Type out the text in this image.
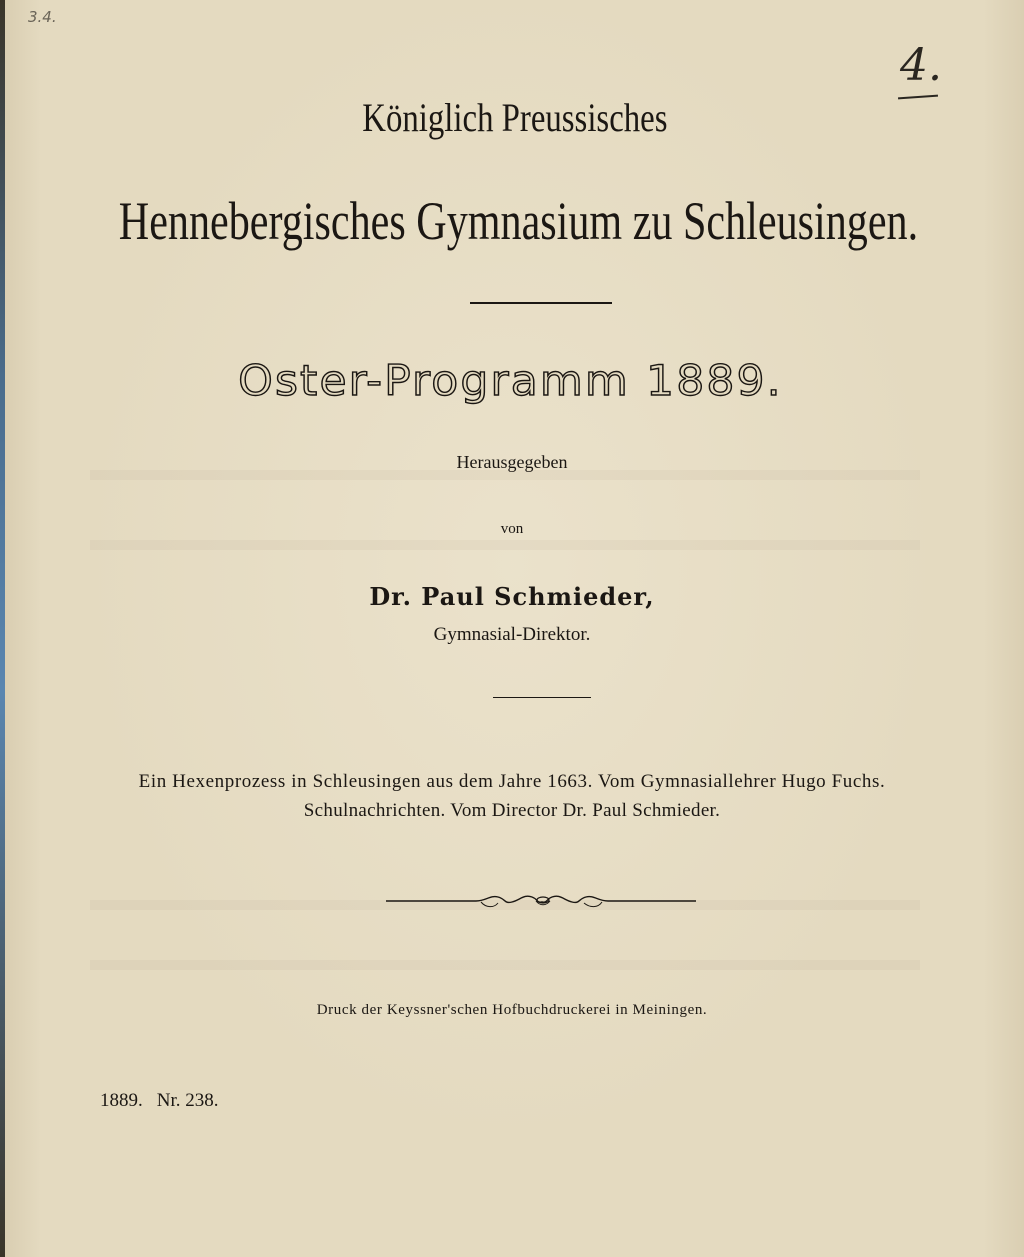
3.4.
4.
Königlich Preussisches
Hennebergisches Gymnasium zu Schleusingen.
Oster-Programm 1889.
Herausgegeben
von
Dr. Paul Schmieder,
Gymnasial-Direktor.
Ein Hexenprozess in Schleusingen aus dem Jahre 1663. Vom Gymnasiallehrer Hugo Fuchs.
Schulnachrichten. Vom Director Dr. Paul Schmieder.
Druck der Keyssner'schen Hofbuchdruckerei in Meiningen.
1889. Nr. 238.
